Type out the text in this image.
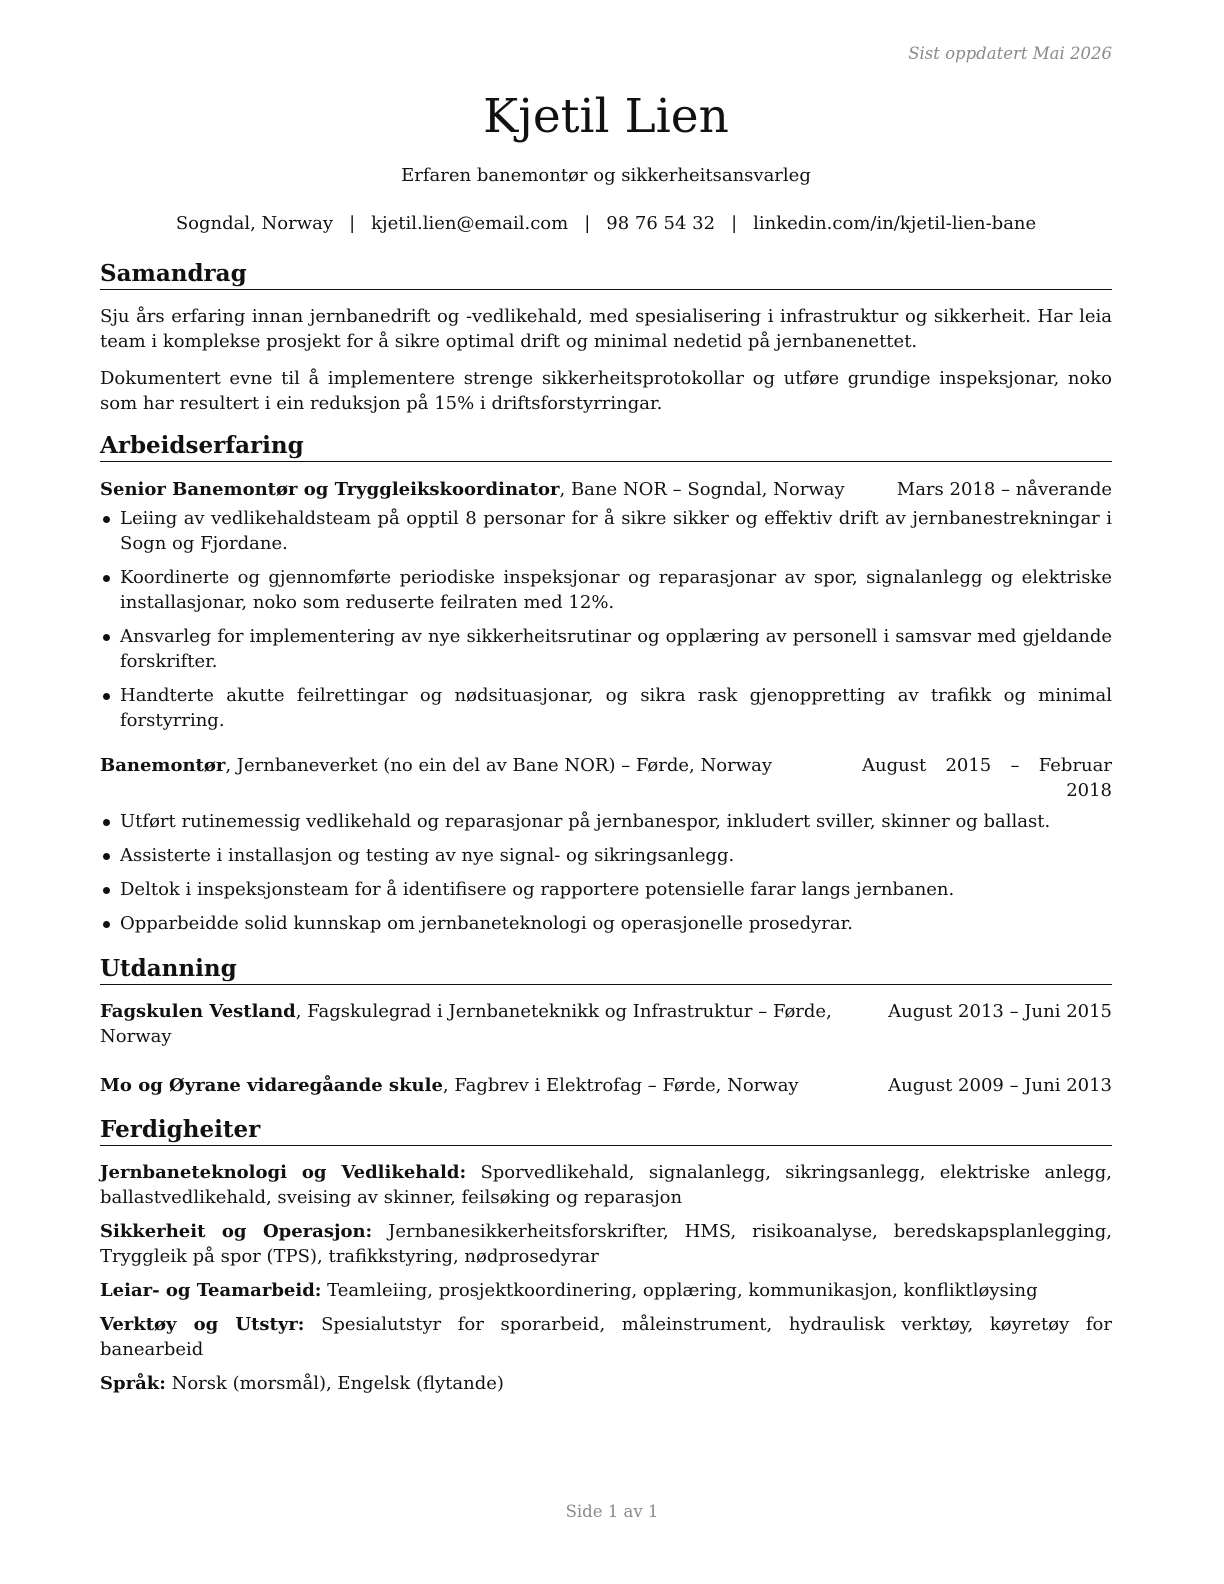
Sist oppdatert Mai 2026
Kjetil Lien
Erfaren banemontør og sikkerheitsansvarleg
Sogndal, Norway | kjetil.lien@email.com | 98 76 54 32 | linkedin.com/in/kjetil-lien-bane
Samandrag

Sju års erfaring innan jernbanedrift og -vedlikehald, med spesialisering i infrastruktur og sikkerheit. Har leia team i komplekse prosjekt for å sikre optimal drift og minimal nedetid på jernbanenettet.

Dokumentert evne til å implementere strenge sikkerheitsprotokollar og utføre grundige inspeksjonar, noko som har resultert i ein reduksjon på 15% i driftsforstyrringar.

Arbeidserfaring
Senior Banemontør og Tryggleikskoordinator, Bane NOR – Sogndal, Norway	Mars 2018 – nåverande
Leiing av vedlikehaldsteam på opptil 8 personar for å sikre sikker og effektiv drift av jernbanestrekningar i Sogn og Fjordane.
Koordinerte og gjennomførte periodiske inspeksjonar og reparasjonar av spor, signalanlegg og elektriske installasjonar, noko som reduserte feilraten med 12%.
Ansvarleg for implementering av nye sikkerheitsrutinar og opplæring av personell i samsvar med gjeldande forskrifter.
Handterte akutte feilrettingar og nødsituasjonar, og sikra rask gjenoppretting av trafikk og minimal forstyrring.
Banemontør, Jernbaneverket (no ein del av Bane NOR) – Førde, Norway	August 2015 – Februar 2018
Utført rutinemessig vedlikehald og reparasjonar på jernbanespor, inkludert sviller, skinner og ballast.
Assisterte i installasjon og testing av nye signal- og sikringsanlegg.
Deltok i inspeksjonsteam for å identifisere og rapportere potensielle farar langs jernbanen.
Opparbeidde solid kunnskap om jernbaneteknologi og operasjonelle prosedyrar.
Utdanning
Fagskulen Vestland, Fagskulegrad i Jernbaneteknikk og Infrastruktur – Førde, Norway
August 2013 – Juni 2015
Mo og Øyrane vidaregåande skule, Fagbrev i Elektrofag – Førde, Norway	August 2009 – Juni 2013
Ferdigheiter
Jernbaneteknologi og Vedlikehald: Sporvedlikehald, signalanlegg, sikringsanlegg, elektriske anlegg, ballastvedlikehald, sveising av skinner, feilsøking og reparasjon
Sikkerheit og Operasjon: Jernbanesikkerheitsforskrifter, HMS, risikoanalyse, beredskapsplanlegging, Tryggleik på spor (TPS), trafikkstyring, nødprosedyrar
Leiar- og Teamarbeid: Teamleiing, prosjektkoordinering, opplæring, kommunikasjon, konfliktløysing
Verktøy og Utstyr: Spesialutstyr for sporarbeid, måleinstrument, hydraulisk verktøy, køyretøy for banearbeid
Språk: Norsk (morsmål), Engelsk (flytande)
Side 1 av 1
